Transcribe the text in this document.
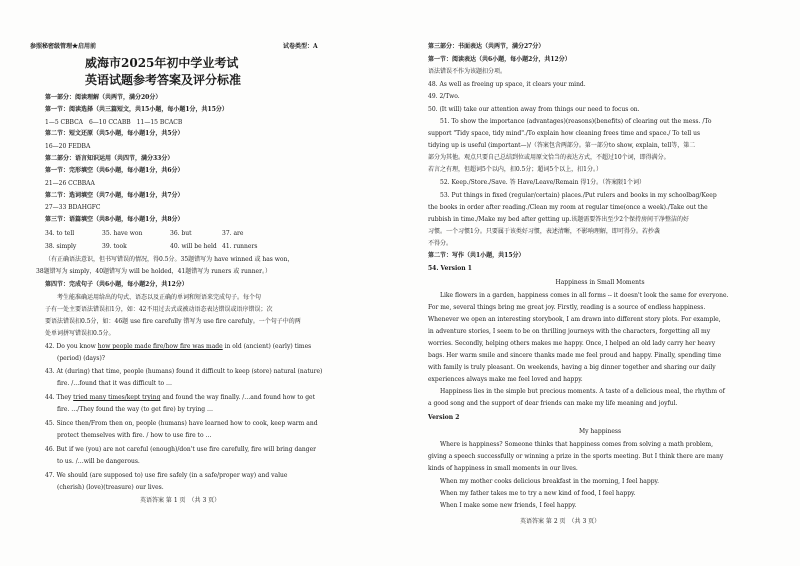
参照秘密级管理★启用前	试卷类型：A
威海市2025年初中学业考试
英语试题参考答案及评分标准
第一部分：阅读理解（共两节，满分20分）
第一节：阅读选择（共三篇短文，共15小题，每小题1分，共15分）
1—5 CBBCA　6—10 CCABB　11—15 BCACB
第二节：短文还原（共5小题，每小题1分，共5分）
16—20 FEDBA
第二部分：语言知识运用（共四节，满分33分）
第一节：完形填空（共6小题，每小题1分，共6分）
21—26 CCBBAA
第二节：选词填空（共7小题，每小题1分，共7分）
27—33 BDAHGFC
第三节：语篇填空（共8小题，每小题1分，共8分）
34. to tell	35. have won	36. but	37. are
38. simply	39. took	40. will be held 41. runners
（有正确语法意识，但书写错误的情况，得0.5分。35题错写为 have winned 或 has won，
38题错写为 simply，40题错写为 will be holded，41题错写为 runers 或 runner。）
第四节：完成句子（共6小题，每小题2分，共12分）
考生能准确运用给出的句式、语态以及正确的单词和短语来完成句子。每个句
子有一处主要语法错误扣1分，如：42不用过去式或被动语态表达错误或语序错误；次
要语法错误扣0.5分，如：46题 use fire carefully 错写为 use fire carefuly。一个句子中的两
处单词拼写错误扣0.5分。
42. Do you know how people made fire/how fire was made in old (ancient) (early) times
(period) (days)?
43. At (during) that time, people (humans) found it difficult to keep (store) natural (nature)
fire. /…found that it was difficult to …
44. They tried many times/kept trying and found the way finally. /…and found how to get
fire. …/They found the way (to get fire) by trying …
45. Since then/From then on, people (humans) have learned how to cook, keep warm and
protect themselves with fire. / how to use fire to …
46. But if we (you) are not careful (enough)/don't use fire carefully, fire will bring danger
to us. /…will be dangerous.
47. We should (are supposed to) use fire safely (in a safe/proper way) and value
(cherish) (love)(treasure) our lives.
英语答案 第 1 页　（共 3 页）
第三部分：书面表达（共两节，满分27分）
第一节：阅读表达（共6小题，每小题2分，共12分）
语法错误不作为该题扣分项。
48. As well as freeing up space, it clears your mind.
49. 2/Two.
50. (It will) take our attention away from things our need to focus on.
51. To show the importance (advantages)(reasons)(benefits) of clearing out the mess. /To
support "Tidy space, tidy mind"./To explain how cleaning frees time and space./ To tell us
tidying up is useful (important—)/（答案包含两部分。第一部分to show, explain, tell等，第二
部分为其他。观点只要自己总结到位或用原文恰当的表达方式，不超过10个词，即得满分。
若言之有理，但超词5个以内，扣0.5分；超词5个以上，扣1分。）
52. Keep./Store./Save. 答 Have/Leave/Remain 得1分。（答案限1个词）
53. Put things in fixed (regular/certain) places./Put rulers and books in my schoolbag/Keep
the books in order after reading./Clean my room at regular time(once a week)./Take out the
rubbish in time./Make my bed after getting up.该题需要答出至少2个保持房间干净整洁的好
习惯。一个习惯1分。只要属于该类好习惯，表述清晰，不影响理解，即可得分。若抄袭
不得分。
第二节：写作（共1小题，共15分）
54. Version 1
Happiness in Small Moments
Like flowers in a garden, happiness comes in all forms -- it doesn't look the same for everyone.
For me, several things bring me great joy. Firstly, reading is a source of endless happiness.
Whenever we open an interesting storybook, I am drawn into different story plots. For example,
in adventure stories, I seem to be on thrilling journeys with the characters, forgetting all my
worries. Secondly, helping others makes me happy. Once, I helped an old lady carry her heavy
bags. Her warm smile and sincere thanks made me feel proud and happy. Finally, spending time
with family is truly pleasant. On weekends, having a big dinner together and sharing our daily
experiences always make me feel loved and happy.
Happiness lies in the simple but precious moments. A taste of a delicious meal, the rhythm of
a good song and the support of dear friends can make my life meaning and joyful.
Version 2
My happiness
Where is happiness? Someone thinks that happiness comes from solving a math problem,
giving a speech successfully or winning a prize in the sports meeting. But I think there are many
kinds of happiness in small moments in our lives.
When my mother cooks delicious breakfast in the morning, I feel happy.
When my father takes me to try a new kind of food, I feel happy.
When I make some new friends, I feel happy.
英语答案 第 2 页　（共 3 页）
